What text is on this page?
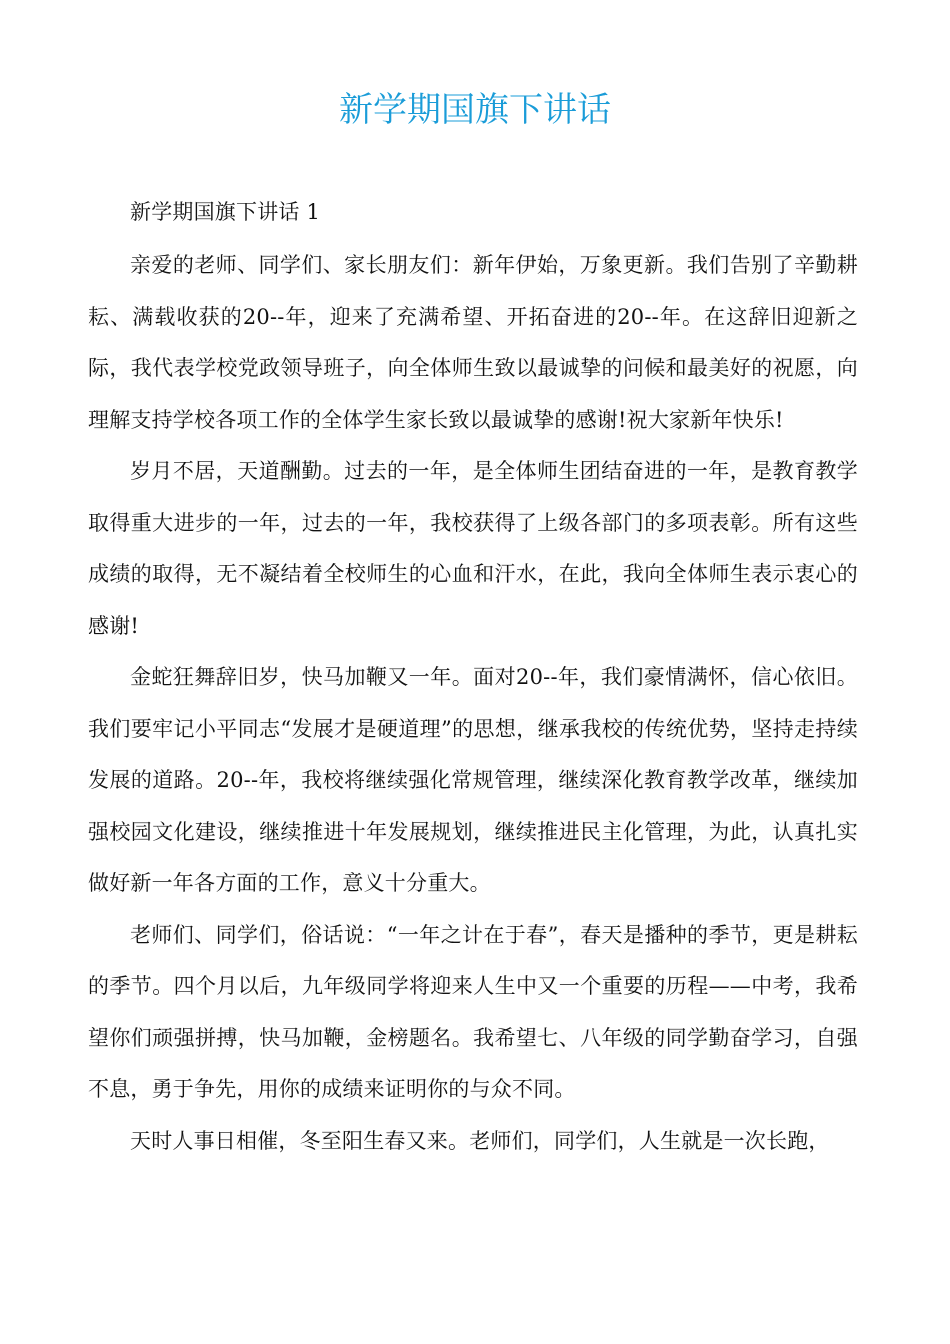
新学期国旗下讲话

新学期国旗下讲话 1

亲爱的老师、同学们、家长朋友们：新年伊始，万象更新。我们告别了辛勤耕耘、满载收获的20--年，迎来了充满希望、开拓奋进的20--年。在这辞旧迎新之际，我代表学校党政领导班子，向全体师生致以最诚挚的问候和最美好的祝愿，向理解支持学校各项工作的全体学生家长致以最诚挚的感谢!祝大家新年快乐!

岁月不居，天道酬勤。过去的一年，是全体师生团结奋进的一年，是教育教学取得重大进步的一年，过去的一年，我校获得了上级各部门的多项表彰。所有这些成绩的取得，无不凝结着全校师生的心血和汗水，在此，我向全体师生表示衷心的感谢!

金蛇狂舞辞旧岁，快马加鞭又一年。面对20--年，我们豪情满怀，信心依旧。我们要牢记小平同志“发展才是硬道理”的思想，继承我校的传统优势，坚持走持续发展的道路。20--年，我校将继续强化常规管理，继续深化教育教学改革，继续加强校园文化建设，继续推进十年发展规划，继续推进民主化管理，为此，认真扎实做好新一年各方面的工作，意义十分重大。

老师们、同学们，俗话说：“一年之计在于春”，春天是播种的季节，更是耕耘的季节。四个月以后，九年级同学将迎来人生中又一个重要的历程——中考，我希望你们顽强拼搏，快马加鞭，金榜题名。我希望七、八年级的同学勤奋学习，自强不息，勇于争先，用你的成绩来证明你的与众不同。

天时人事日相催，冬至阳生春又来。老师们，同学们，人生就是一次长跑，
